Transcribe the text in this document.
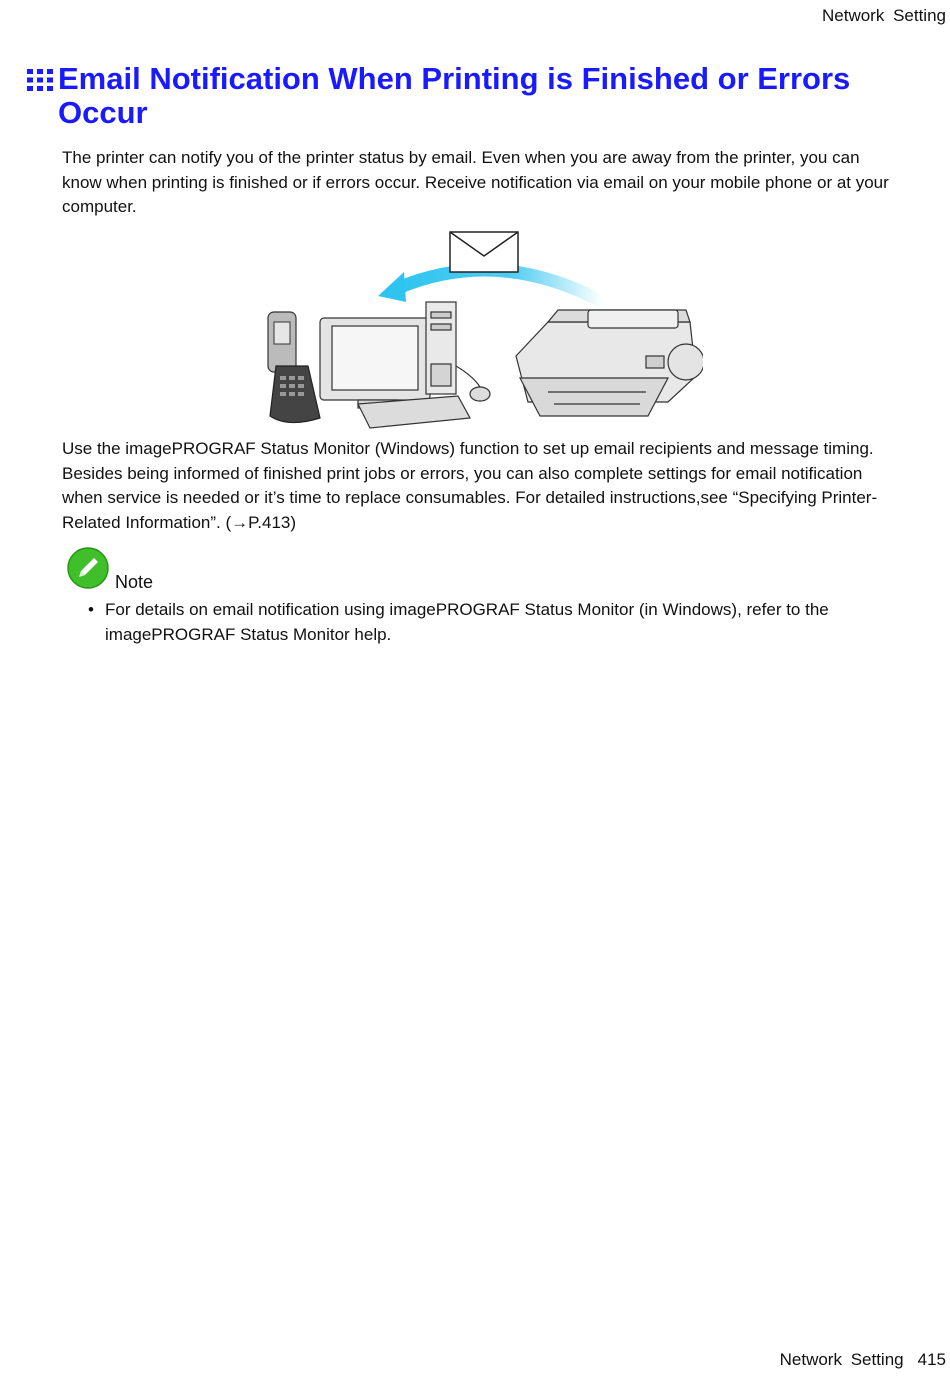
Network Setting
Email Notification When Printing is Finished or Errors Occur

The printer can notify you of the printer status by email. Even when you are away from the printer, you can know when printing is finished or if errors occur. Receive notification via email on your mobile phone or at your computer.

Use the imagePROGRAF Status Monitor (Windows) function to set up email recipients and message timing. Besides being informed of finished print jobs or errors, you can also complete settings for email notification when service is needed or it’s time to replace consumables. For detailed instructions,see “Specifying Printer-Related Information”. (→P.413)

Note
• For details on email notification using imagePROGRAF Status Monitor (in Windows), refer to the imagePROGRAF Status Monitor help.
Network Setting 415
